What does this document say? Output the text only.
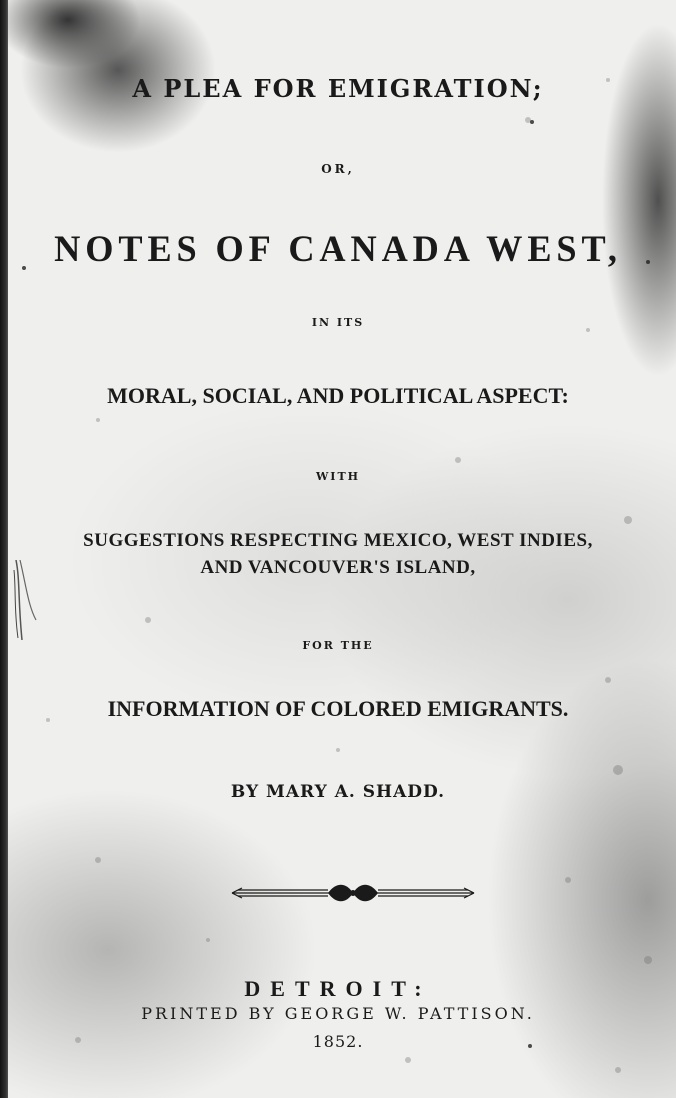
A PLEA FOR EMIGRATION;
OR,
NOTES OF CANADA WEST,
IN ITS
MORAL, SOCIAL, AND POLITICAL ASPECT:
WITH
SUGGESTIONS RESPECTING MEXICO, WEST INDIES,
AND VANCOUVER'S ISLAND,
FOR THE
INFORMATION OF COLORED EMIGRANTS.
BY MARY A. SHADD.
DETROIT:
PRINTED BY GEORGE W. PATTISON.
1852.
